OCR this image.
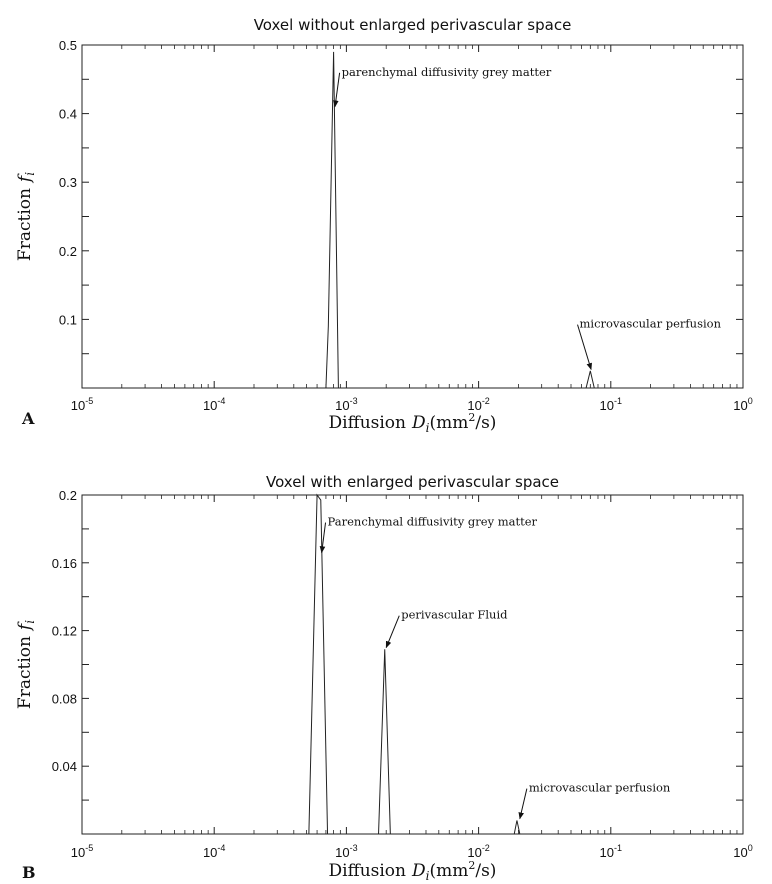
Voxel without enlarged perivascular space
$10^{-5}$	$10^{-4}$	$10^{-3}$	$10^{-2}$	$10^{-1}$	$10^0$
0.1
0.2
0.3
0.4
0.5
Diffusion $D_i(mm^2/s)$
Fractionf$_i$
A
parenchymal diffusivity grey matter
microvascular perfusion
Voxel with enlarged perivascular space
$10^{-5}$	$10^{-4}$	$10^{-3}$	$10^{-2}$	$10^{-1}$	$10^0$
0.04
0.08
0.12
0.16
0.2
Diffusion $D_i(mm^2/s)$
Fractionf$_i$
B
Parenchymal diffusivity grey matter
perivascular Fluid
microvascular perfusion
